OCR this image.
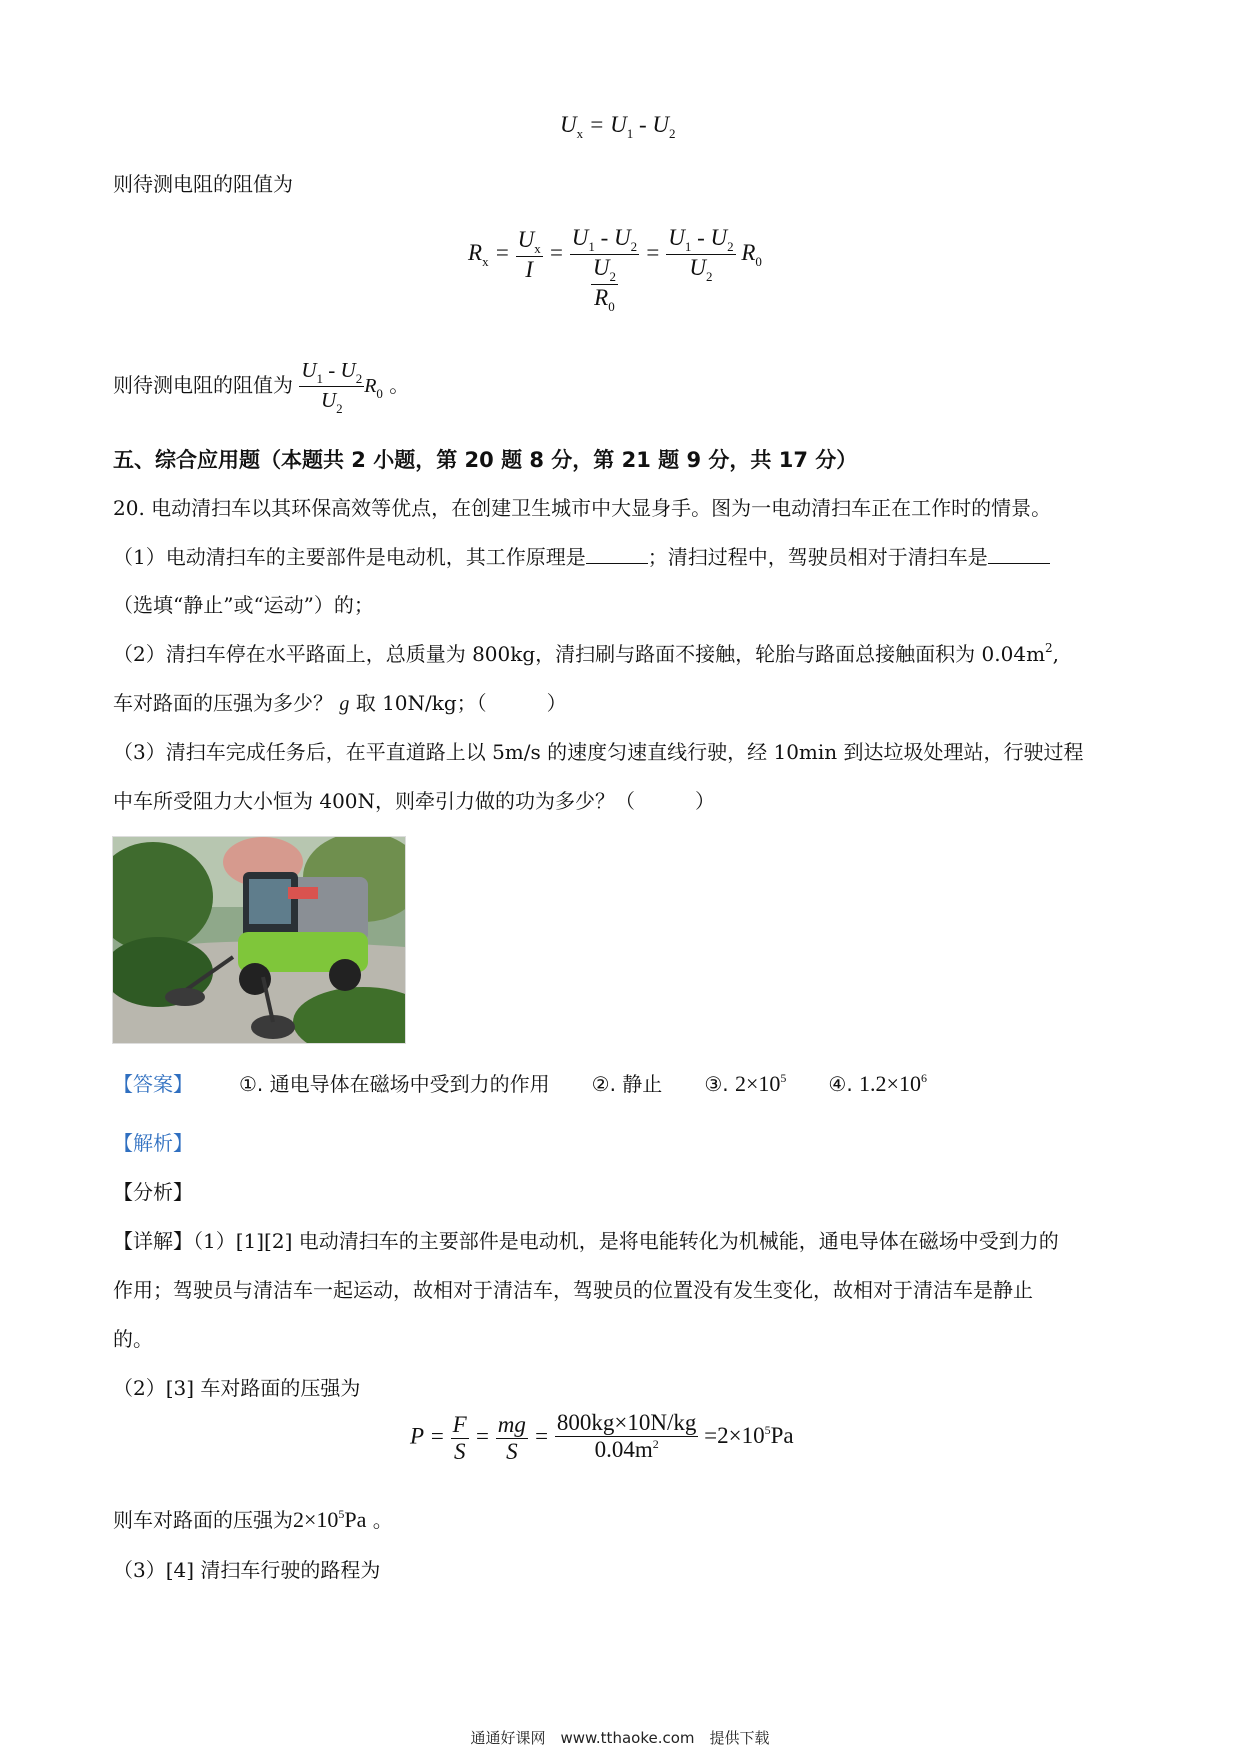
$U_x = U_1 - U_2$
则待测电阻的阻值为
$R_x = \frac{U_x}{I} = \frac{U_1 - U_2}{\frac{U_2}{R_0}} = \frac{U_1 - U_2}{U_2} R_0$
则待测电阻的阻值为 $\frac{U_1 - U_2}{U_2} R_0$ 。
五、综合应用题（本题共 2 小题，第 20 题 8 分，第 21 题 9 分，共 17 分）
20. 电动清扫车以其环保高效等优点，在创建卫生城市中大显身手。图为一电动清扫车正在工作时的情景。
（1）电动清扫车的主要部件是电动机，其工作原理是	；清扫过程中，驾驶员相对于清扫车是
（选填“静止”或“运动”）的；
（2）清扫车停在水平路面上，总质量为 800kg，清扫刷与路面不接触，轮胎与路面总接触面积为 $0.04m^2$,
车对路面的压强为多少？ g 取 10N/kg；（　　　）
（3）清扫车完成任务后，在平直道路上以 5m/s 的速度匀速直线行驶，经 10min 到达垃圾处理站，行驶过程
中车所受阻力大小恒为 400N，则牵引力做的功为多少？（　　　）
【答案】 ①. 通电导体在磁场中受到力的作用 ②. 静止 ③. $2\times 10^5$ ④. $1.2\times 10^6$
【解析】
【分析】
【详解】（1）[1][2] 电动清扫车的主要部件是电动机，是将电能转化为机械能，通电导体在磁场中受到力的
作用；驾驶员与清洁车一起运动，故相对于清洁车，驾驶员的位置没有发生变化，故相对于清洁车是静止
的。
（2）[3] 车对路面的压强为
$P = \frac{F}{S} = \frac{mg}{S} = \frac{800kg\times 10N/kg}{0.04m^2} =2\times 10^5Pa$
则车对路面的压强为$2\times 10^5Pa$ 。
（3）[4] 清扫车行驶的路程为
通通好课网　www.tthaoke.com　提供下载
